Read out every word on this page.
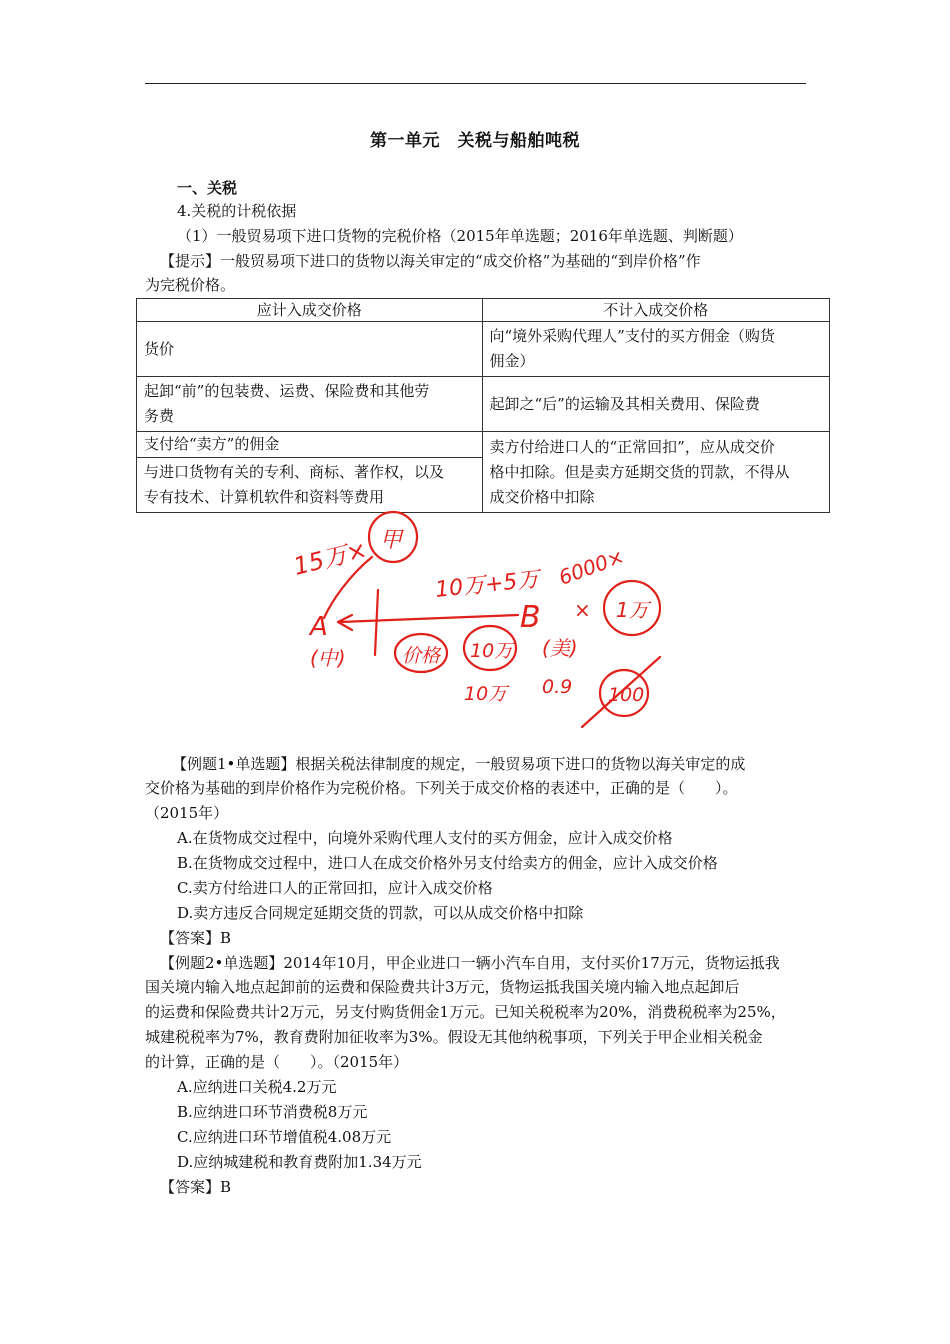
第一单元　关税与船舶吨税
一、关税
4.关税的计税依据
（1）一般贸易项下进口货物的完税价格（2015年单选题；2016年单选题、判断题）
【提示】一般贸易项下进口的货物以海关审定的“成交价格”为基础的“到岸价格”作
为完税价格。
应计入成交价格	不计入成交价格
货价	向“境外采购代理人”支付的买方佣金（购货
佣金）
起卸“前”的包装费、运费、保险费和其他劳
务费	起卸之“后”的运输及其相关费用、保险费
支付给“卖方”的佣金	卖方付给进口人的“正常回扣”，应从成交价
格中扣除。但是卖方延期交货的罚款，不得从
成交价格中扣除
与进口货物有关的专利、商标、著作权，以及
专有技术、计算机软件和资料等费用	
15万× 甲
10万+5万
B
6000×
A
(中)	价格 10万 (美)
× 1万
10万 0.9 100
【例题1•单选题】根据关税法律制度的规定，一般贸易项下进口的货物以海关审定的成
交价格为基础的到岸价格作为完税价格。下列关于成交价格的表述中，正确的是（　　）。
（2015年）
A.在货物成交过程中，向境外采购代理人支付的买方佣金，应计入成交价格
B.在货物成交过程中，进口人在成交价格外另支付给卖方的佣金，应计入成交价格
C.卖方付给进口人的正常回扣，应计入成交价格
D.卖方违反合同规定延期交货的罚款，可以从成交价格中扣除
【答案】B
【例题2•单选题】2014年10月，甲企业进口一辆小汽车自用，支付买价17万元，货物运抵我
国关境内输入地点起卸前的运费和保险费共计3万元，货物运抵我国关境内输入地点起卸后
的运费和保险费共计2万元，另支付购货佣金1万元。已知关税税率为20%，消费税税率为25%，
城建税税率为7%，教育费附加征收率为3%。假设无其他纳税事项，下列关于甲企业相关税金
的计算，正确的是（　　）。（2015年）
A.应纳进口关税4.2万元
B.应纳进口环节消费税8万元
C.应纳进口环节增值税4.08万元
D.应纳城建税和教育费附加1.34万元
【答案】B
